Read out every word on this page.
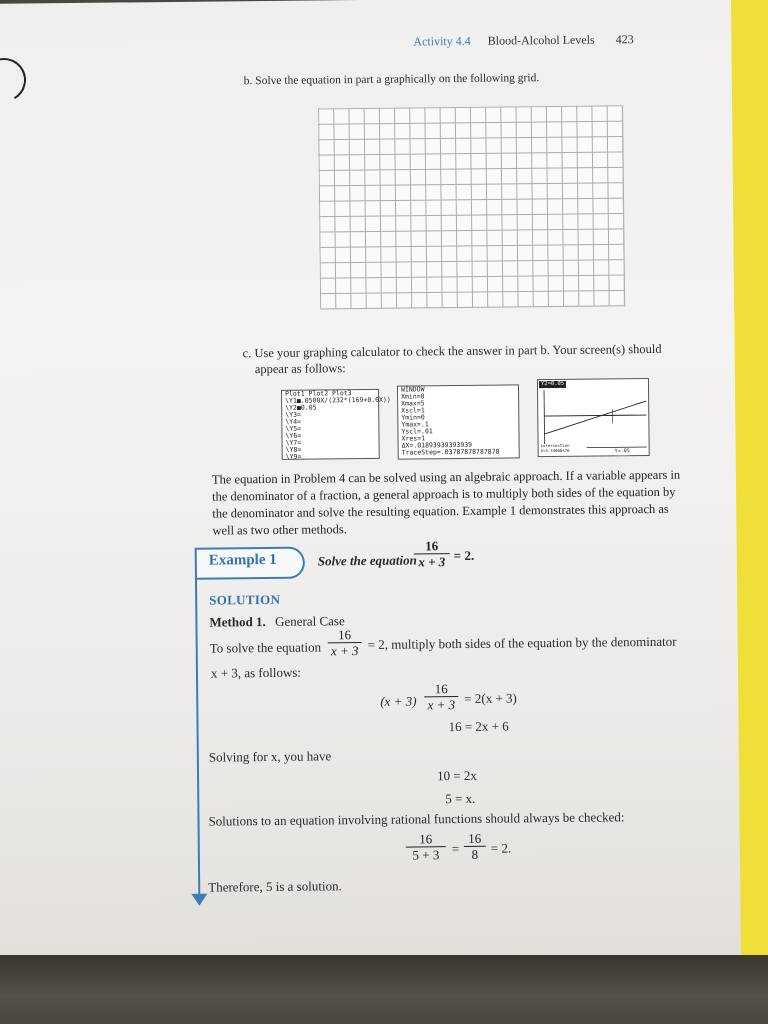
Activity 4.4 Blood-Alcohol Levels 423
b. Solve the equation in part a graphically on the following grid.
c. Use your graphing calculator to check the answer in part b. Your screen(s) should
appear as follows:
Plot1 Plot2 Plot3
\Y1■.0500X/(232*(169+0.6X))
\Y2■0.05
\Y3=
\Y4=
\Y5=
\Y6=
\Y7=
\Y8=
\Y9=
WINDOW
Xmin=0
Xmax=5
Xscl=1
Ymin=0
Ymax=.1
Yscl=.01
Xres=1
ΔX=.01893939393939
TraceStep=.03787878787878
Y2=0.05
Intersection X=3.34666476	Y=.05
The equation in Problem 4 can be solved using an algebraic approach. If a variable appears in the denominator of a fraction, a general approach is to multiply both sides of the equation by the denominator and solve the resulting equation. Example 1 demonstrates this approach as well as two other methods.
Example 1	Solve the equation
$\frac{16}{x + 3} = 2$.
SOLUTION
Method 1. General Case
To solve the equation $\frac{16}{x + 3} = 2$, multiply both sides of the equation by the denominator
x + 3, as follows:
$(x + 3) \frac{16}{x + 3} = 2(x + 3)$
16 = 2x + 6
Solving for x, you have
10 = 2x
5 = x.
Solutions to an equation involving rational functions should always be checked:
$\frac{16}{5 + 3} = \frac{16}{8} = 2$.
Therefore, 5 is a solution.
